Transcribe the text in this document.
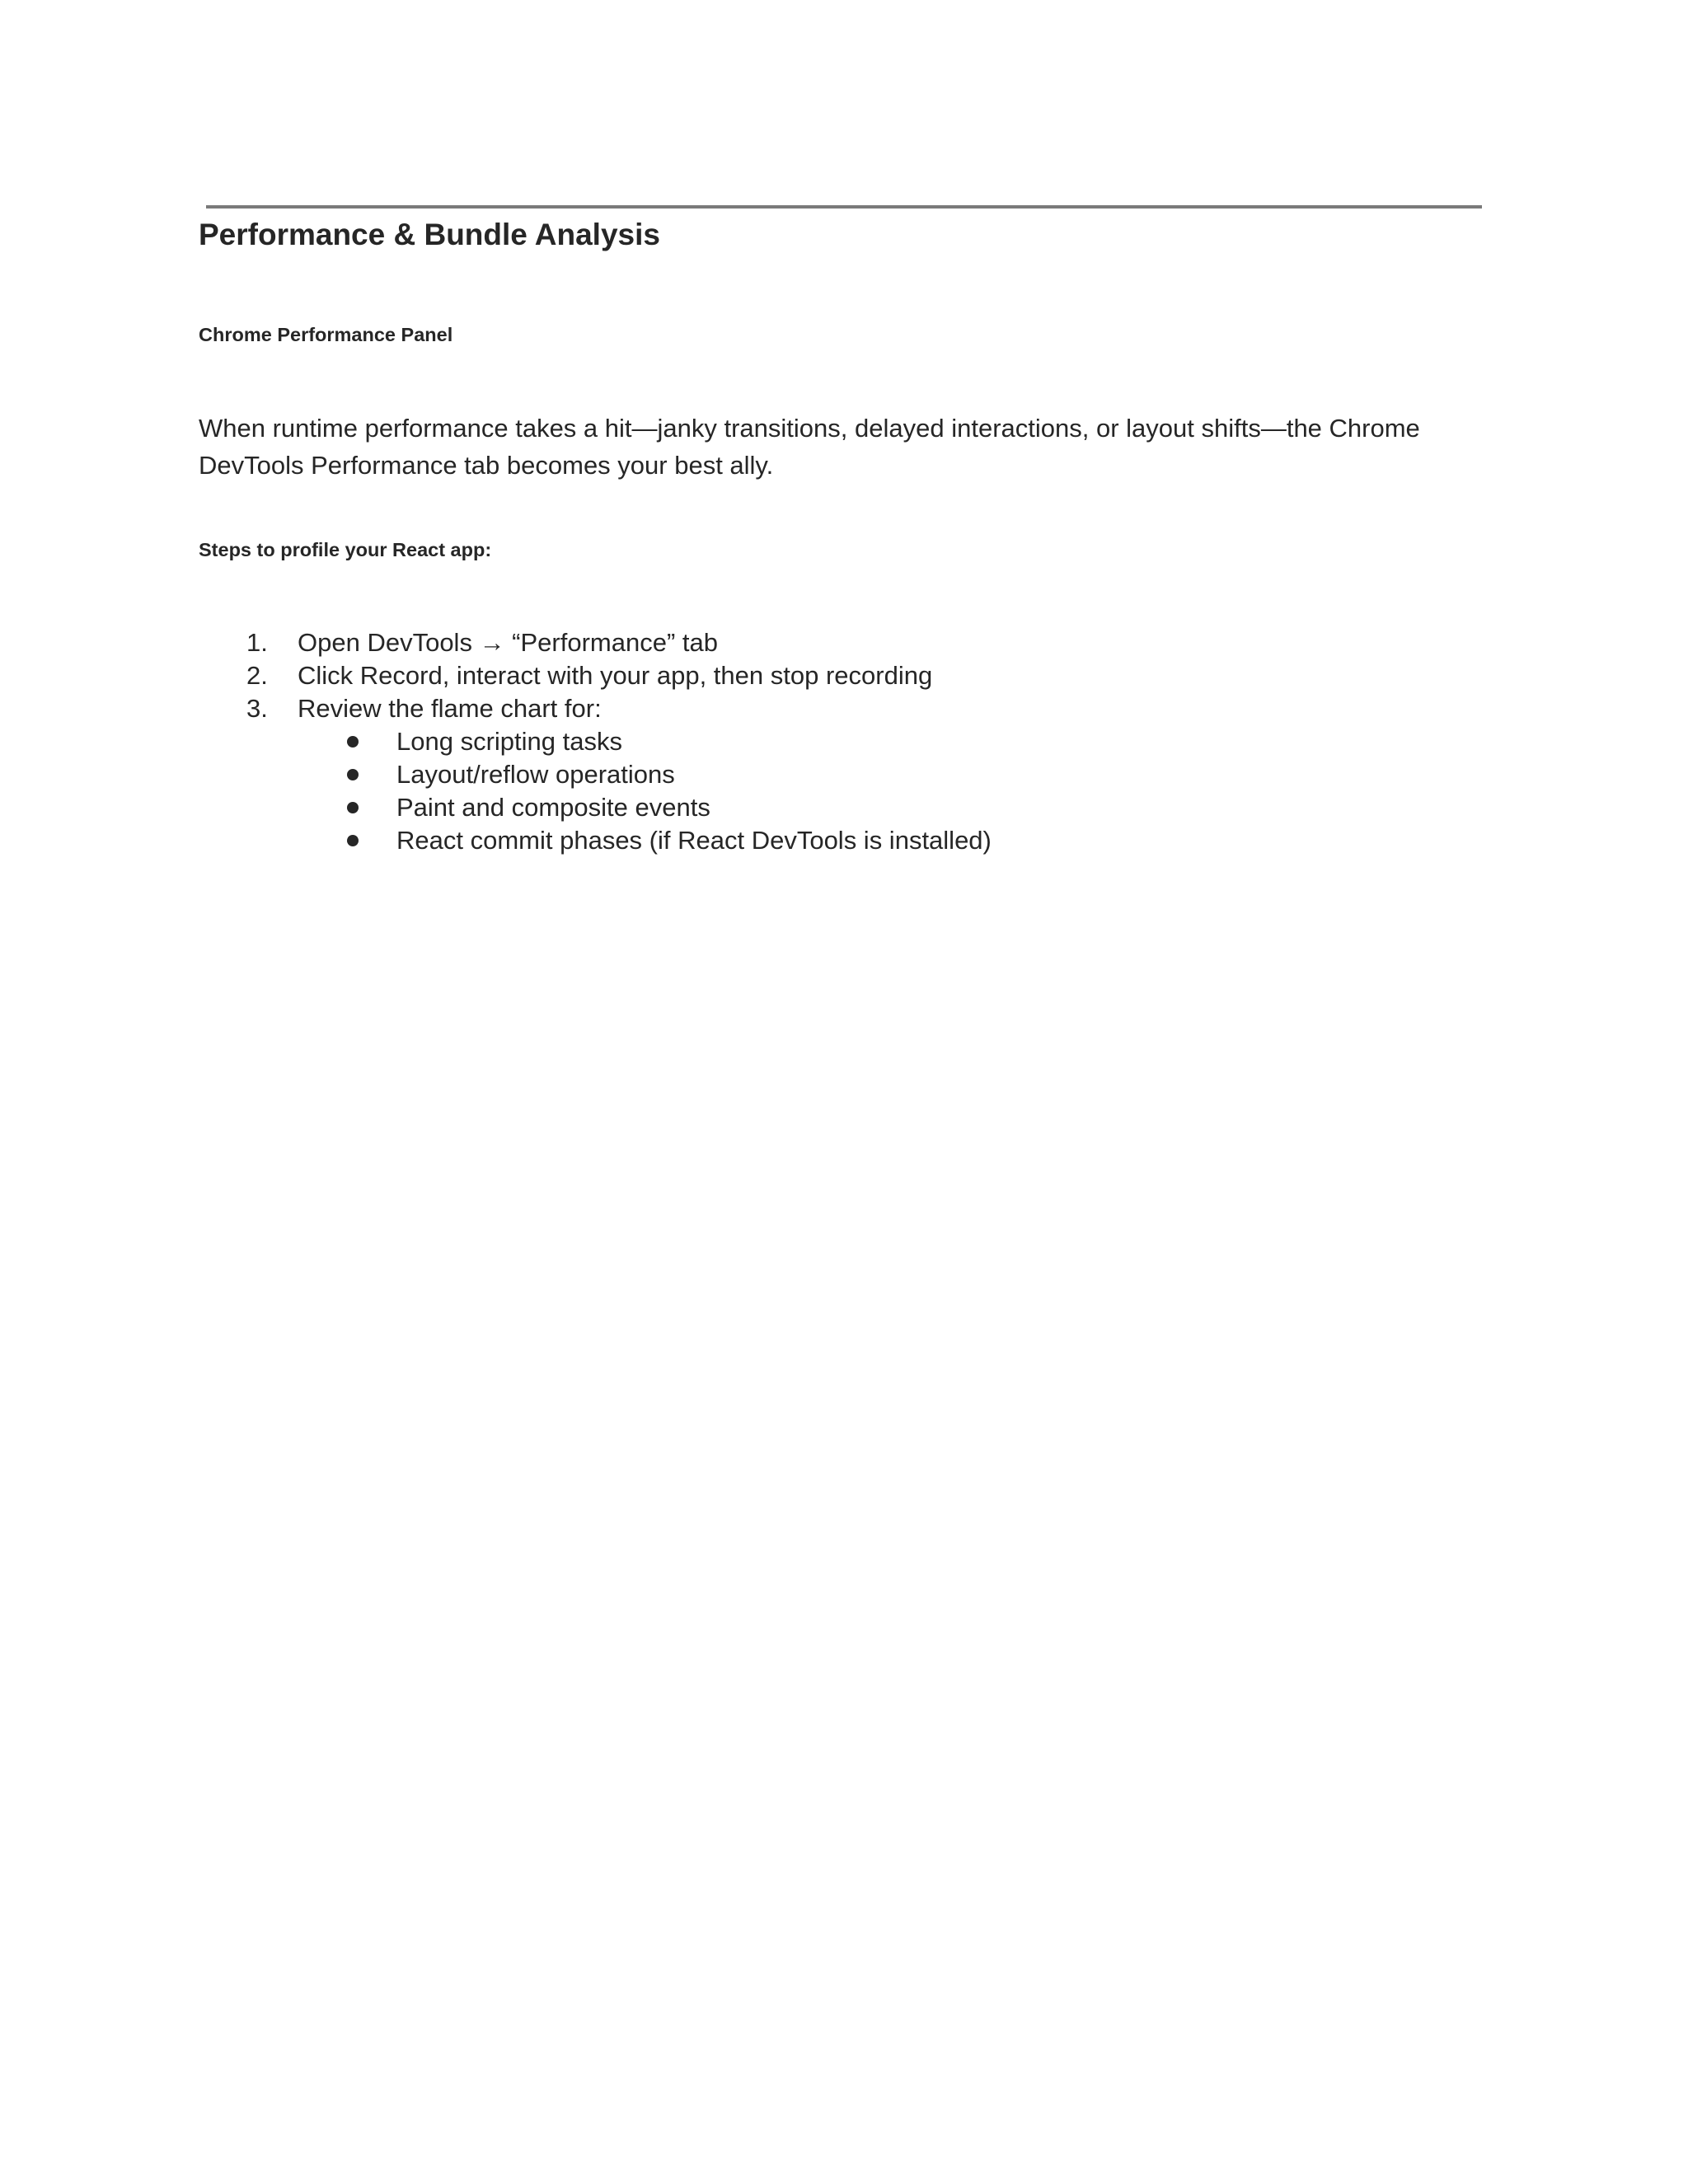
Performance & Bundle Analysis
Chrome Performance Panel

When runtime performance takes a hit—janky transitions, delayed interactions, or layout shifts—the Chrome DevTools Performance tab becomes your best ally.

Steps to profile your React app:
1.	Open DevTools → “Performance” tab
2.	Click Record, interact with your app, then stop recording
3.	Review the flame chart for:
Long scripting tasks
Layout/reflow operations
Paint and composite events
React commit phases (if React DevTools is installed)
